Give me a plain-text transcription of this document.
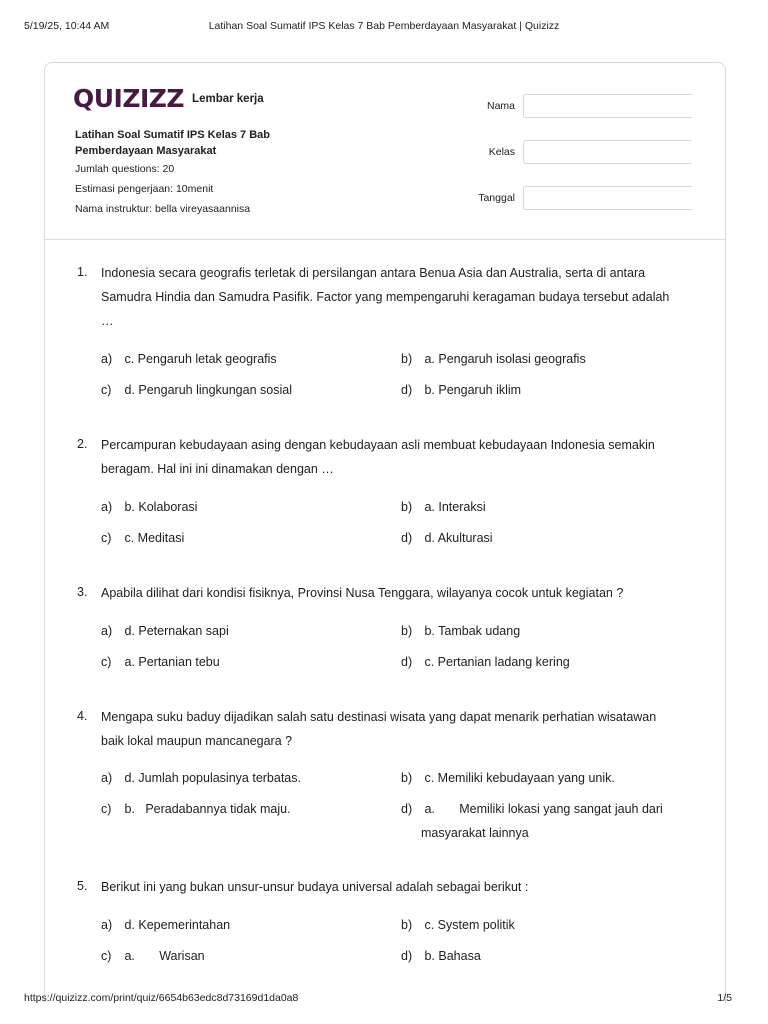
5/19/25, 10:44 AM	Latihan Soal Sumatif IPS Kelas 7 Bab Pemberdayaan Masyarakat | Quizizz
QUIZIZZ Lembar kerja
Latihan Soal Sumatif IPS Kelas 7 Bab
Pemberdayaan Masyarakat
Jumlah questions: 20
Estimasi pengerjaan: 10menit
Nama instruktur: bella vireyasaannisa
Nama
Kelas
Tanggal
1. Indonesia secara geografis terletak di persilangan antara Benua Asia dan Australia, serta di antara
Samudra Hindia dan Samudra Pasifik. Factor yang mempengaruhi keragaman budaya tersebut adalah
…
a) c. Pengaruh letak geografis	b) a. Pengaruh isolasi geografis
c) d. Pengaruh lingkungan sosial	d) b. Pengaruh iklim
2. Percampuran kebudayaan asing dengan kebudayaan asli membuat kebudayaan Indonesia semakin
beragam. Hal ini ini dinamakan dengan …
a) b. Kolaborasi	b) a. Interaksi
c) c. Meditasi	d) d. Akulturasi
3. Apabila dilihat dari kondisi fisiknya, Provinsi Nusa Tenggara, wilayanya cocok untuk kegiatan ?
a) d. Peternakan sapi	b) b. Tambak udang
c) a. Pertanian tebu	d) c. Pertanian ladang kering
4. Mengapa suku baduy dijadikan salah satu destinasi wisata yang dapat menarik perhatian wisatawan
baik lokal maupun mancanegara ?
a) d. Jumlah populasinya terbatas.	b) c. Memiliki kebudayaan yang unik.
c) b.   Peradabannya tidak maju.	d) a.       Memiliki lokasi yang sangat jauh dari
masyarakat lainnya
5. Berikut ini yang bukan unsur-unsur budaya universal adalah sebagai berikut :
a) d. Kepemerintahan	b) c. System politik
c) a.       Warisan	d) b. Bahasa
https://quizizz.com/print/quiz/6654b63edc8d73169d1da0a8	1/5
